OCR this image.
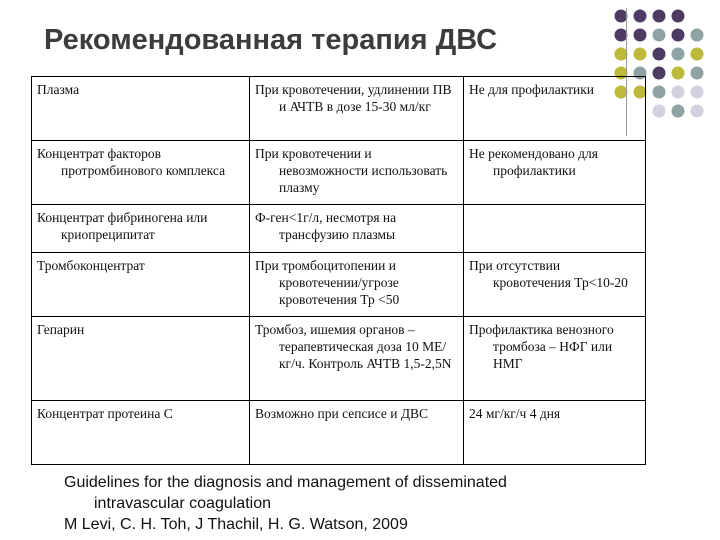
Рекомендованная терапия ДВС
Плазма	При кровотечении, удлинении ПВ и АЧТВ в дозе 15-30 мл/кг	Не для профилактики

Концентрат факторов протромбинового комплекса	При кровотечении и невозможности использовать плазму	Не рекомендовано для профилактики

Концентрат фибриногена или криопреципитат	Ф-ген<1г/л, несмотря на трансфузию плазмы	

Тромбоконцентрат	При тромбоцитопении и кровотечении/угрозе кровотечения Тр <50	При отсутствии кровотечения Тр<10-20

Гепарин	Тромбоз, ишемия органов – терапевтическая доза 10 МЕ/кг/ч. Контроль АЧТВ 1,5-2,5N	Профилактика венозного тромбоза – НФГ или НМГ

Концентрат протеина С	Возможно при сепсисе и ДВС	24 мг/кг/ч 4 дня
Guidelines for the diagnosis and management of disseminated
intravascular coagulation
M Levi, C. H. Toh, J Thachil, H. G. Watson, 2009
